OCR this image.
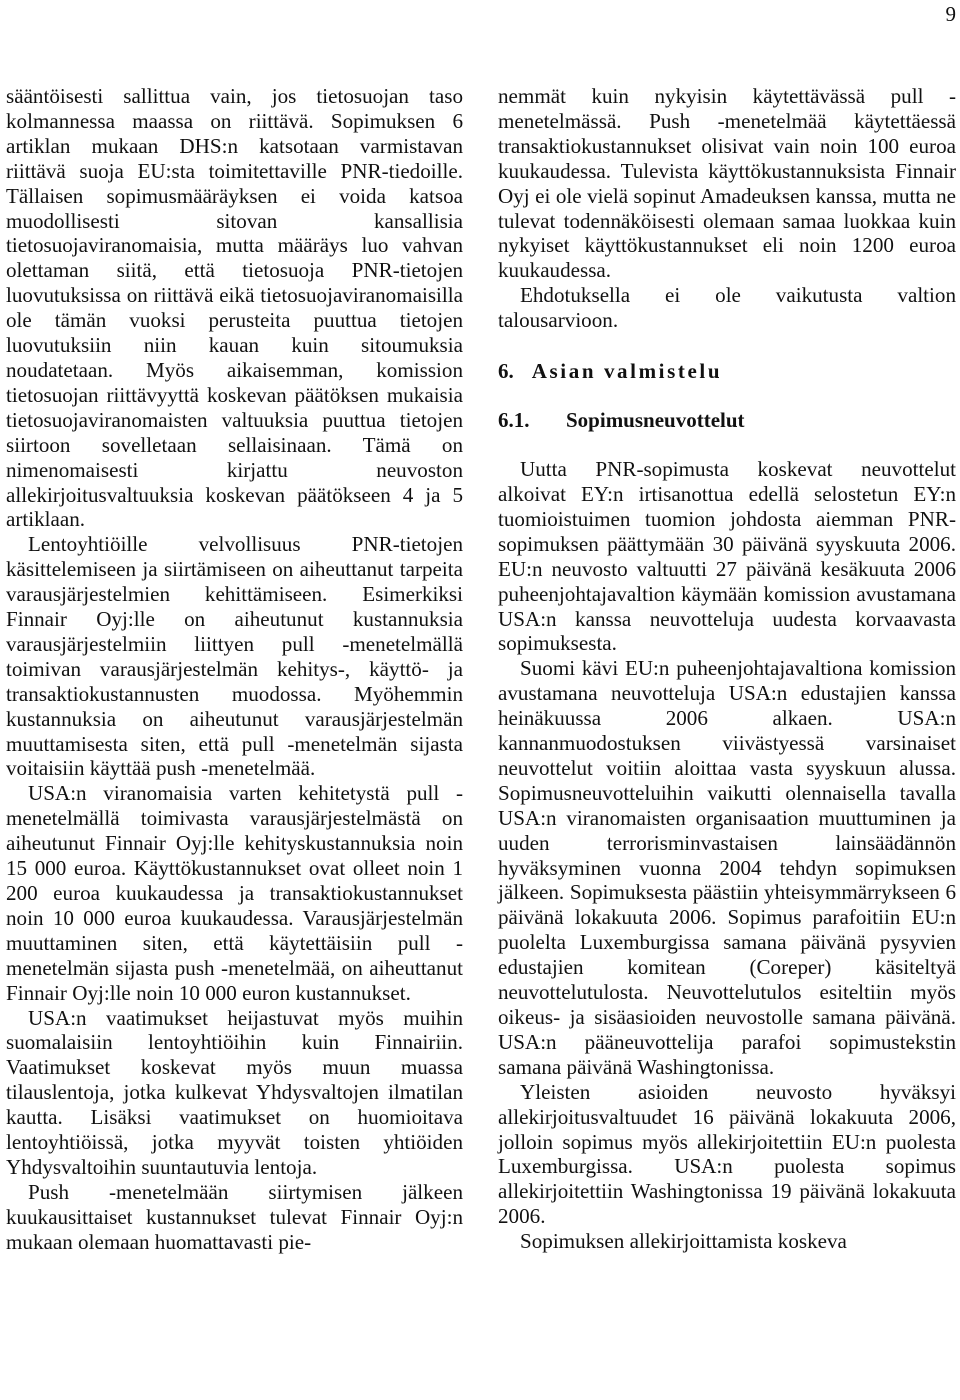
9

sääntöisesti sallittua vain, jos tietosuojan taso kolmannessa maassa on riittävä. Sopimuksen 6 artiklan mukaan DHS:n katsotaan varmistavan riittävä suoja EU:sta toimitettaville PNR-tiedoille. Tällaisen sopimusmääräyksen ei voida katsoa muodollisesti sitovan kansallisia tietosuojaviranomaisia, mutta määräys luo vahvan olettaman siitä, että tietosuoja PNR-tietojen luovutuksissa on riittävä eikä tietosuojaviranomaisilla ole tämän vuoksi perusteita puuttua tietojen luovutuksiin niin kauan kuin sitoumuksia noudatetaan. Myös aikaisemman, komission tietosuojan riittävyyttä koskevan päätöksen mukaisia tietosuojaviranomaisten valtuuksia puuttua tietojen siirtoon sovelletaan sellaisinaan. Tämä on nimenomaisesti kirjattu neuvoston allekirjoitusvaltuuksia koskevan päätökseen 4 ja 5 artiklaan.

Lentoyhtiöille velvollisuus PNR-tietojen käsittelemiseen ja siirtämiseen on aiheuttanut tarpeita varausjärjestelmien kehittämiseen. Esimerkiksi Finnair Oyj:lle on aiheutunut kustannuksia varausjärjestelmiin liittyen pull -menetelmällä toimivan varausjärjestelmän kehitys-, käyttö- ja transaktiokustannusten muodossa. Myöhemmin kustannuksia on aiheutunut varausjärjestelmän muuttamisesta siten, että pull -menetelmän sijasta voitaisiin käyttää push -menetelmää.

USA:n viranomaisia varten kehitetystä pull -menetelmällä toimivasta varausjärjestelmästä on aiheutunut Finnair Oyj:lle kehityskustannuksia noin 15 000 euroa. Käyttökustannukset ovat olleet noin 1 200 euroa kuukaudessa ja transaktiokustannukset noin 10 000 euroa kuukaudessa. Varausjärjestelmän muuttaminen siten, että käytettäisiin pull -menetelmän sijasta push -menetelmää, on aiheuttanut Finnair Oyj:lle noin 10 000 euron kustannukset.

USA:n vaatimukset heijastuvat myös muihin suomalaisiin lentoyhtiöihin kuin Finnairiin. Vaatimukset koskevat myös muun muassa tilauslentoja, jotka kulkevat Yhdysvaltojen ilmatilan kautta. Lisäksi vaatimukset on huomioitava lentoyhtiöissä, jotka myyvät toisten yhtiöiden Yhdysvaltoihin suuntautuvia lentoja.

Push -menetelmään siirtymisen jälkeen kuukausittaiset kustannukset tulevat Finnair Oyj:n mukaan olemaan huomattavasti pie-

nemmät kuin nykyisin käytettävässä pull -menetelmässä. Push -menetelmää käytettäessä transaktiokustannukset olisivat vain noin 100 euroa kuukaudessa. Tulevista käyttökustannuksista Finnair Oyj ei ole vielä sopinut Amadeuksen kanssa, mutta ne tulevat todennäköisesti olemaan samaa luokkaa kuin nykyiset käyttökustannukset eli noin 1200 euroa kuukaudessa.

Ehdotuksella ei ole vaikutusta valtion talousarvioon.

6. Asian valmistelu
6.1. Sopimusneuvottelut

Uutta PNR-sopimusta koskevat neuvottelut alkoivat EY:n irtisanottua edellä selostetun EY:n tuomioistuimen tuomion johdosta aiemman PNR-sopimuksen päättymään 30 päivänä syyskuuta 2006. EU:n neuvosto valtuutti 27 päivänä kesäkuuta 2006 puheenjohtajavaltion käymään komission avustamana USA:n kanssa neuvotteluja uudesta korvaavasta sopimuksesta.

Suomi kävi EU:n puheenjohtajavaltiona komission avustamana neuvotteluja USA:n edustajien kanssa heinäkuussa 2006 alkaen. USA:n kannanmuodostuksen viivästyessä varsinaiset neuvottelut voitiin aloittaa vasta syyskuun alussa. Sopimusneuvotteluihin vaikutti olennaisella tavalla USA:n viranomaisten organisaation muuttuminen ja uuden terrorisminvastaisen lainsäädännön hyväksyminen vuonna 2004 tehdyn sopimuksen jälkeen. Sopimuksesta päästiin yhteisymmärrykseen 6 päivänä lokakuuta 2006. Sopimus parafoitiin EU:n puolelta Luxemburgissa samana päivänä pysyvien edustajien komitean (Coreper) käsiteltyä neuvottelutulosta. Neuvottelutulos esiteltiin myös oikeus- ja sisäasioiden neuvostolle samana päivänä. USA:n pääneuvottelija parafoi sopimustekstin samana päivänä Washingtonissa.

Yleisten asioiden neuvosto hyväksyi allekirjoitusvaltuudet 16 päivänä lokakuuta 2006, jolloin sopimus myös allekirjoitettiin EU:n puolesta Luxemburgissa. USA:n puolesta sopimus allekirjoitettiin Washingtonissa 19 päivänä lokakuuta 2006.

Sopimuksen allekirjoittamista koskeva
